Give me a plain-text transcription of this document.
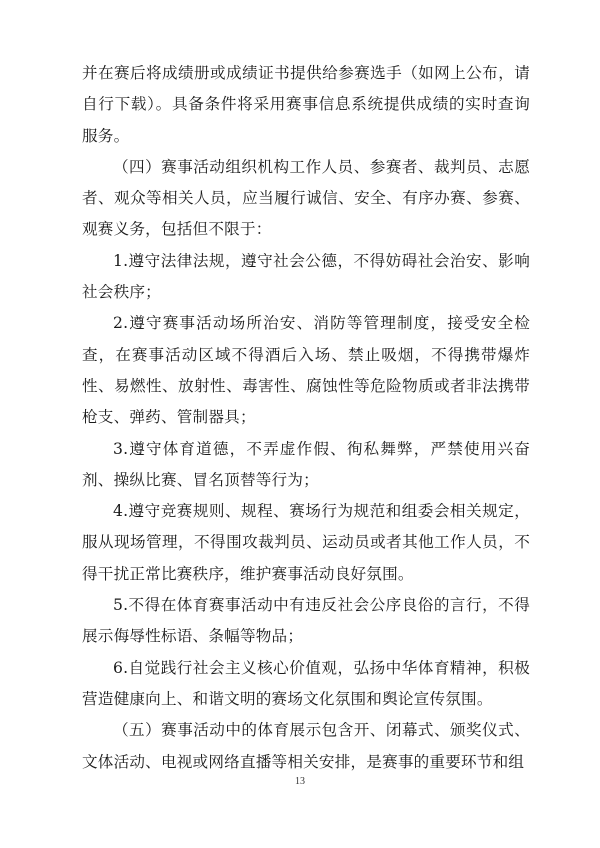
并在赛后将成绩册或成绩证书提供给参赛选手（如网上公布，请自行下载）。具备条件将采用赛事信息系统提供成绩的实时查询服务。

（四）赛事活动组织机构工作人员、参赛者、裁判员、志愿者、观众等相关人员，应当履行诚信、安全、有序办赛、参赛、观赛义务，包括但不限于：

1.遵守法律法规，遵守社会公德，不得妨碍社会治安、影响社会秩序；

2.遵守赛事活动场所治安、消防等管理制度，接受安全检查，在赛事活动区域不得酒后入场、禁止吸烟，不得携带爆炸性、易燃性、放射性、毒害性、腐蚀性等危险物质或者非法携带枪支、弹药、管制器具；

3.遵守体育道德，不弄虚作假、徇私舞弊，严禁使用兴奋剂、操纵比赛、冒名顶替等行为；

4.遵守竞赛规则、规程、赛场行为规范和组委会相关规定，服从现场管理，不得围攻裁判员、运动员或者其他工作人员，不得干扰正常比赛秩序，维护赛事活动良好氛围。

5.不得在体育赛事活动中有违反社会公序良俗的言行，不得展示侮辱性标语、条幅等物品；

6.自觉践行社会主义核心价值观，弘扬中华体育精神，积极营造健康向上、和谐文明的赛场文化氛围和舆论宣传氛围。

（五）赛事活动中的体育展示包含开、闭幕式、颁奖仪式、文体活动、电视或网络直播等相关安排，是赛事的重要环节和组

13
